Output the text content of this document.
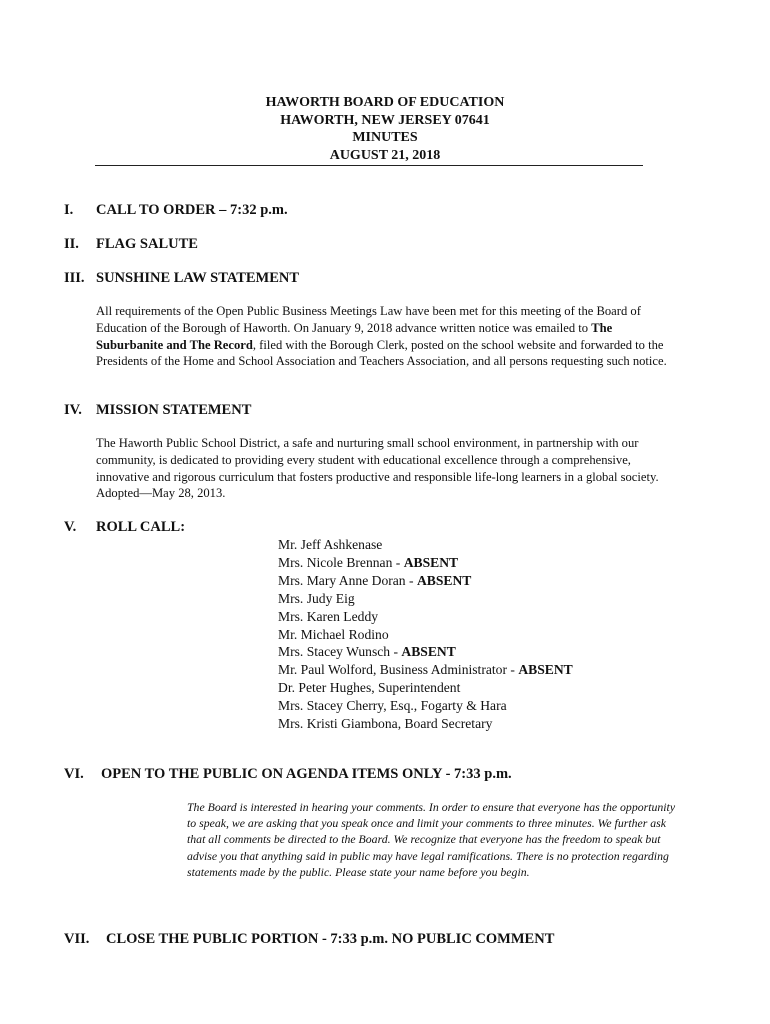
HAWORTH BOARD OF EDUCATION
HAWORTH, NEW JERSEY 07641
MINUTES
AUGUST 21, 2018
I. CALL TO ORDER – 7:32 p.m.
II. FLAG SALUTE
III. SUNSHINE LAW STATEMENT
All requirements of the Open Public Business Meetings Law have been met for this meeting of the Board of Education of the Borough of Haworth. On January 9, 2018 advance written notice was emailed to The Suburbanite and The Record, filed with the Borough Clerk, posted on the school website and forwarded to the Presidents of the Home and School Association and Teachers Association, and all persons requesting such notice.
IV. MISSION STATEMENT
The Haworth Public School District, a safe and nurturing small school environment, in partnership with our community, is dedicated to providing every student with educational excellence through a comprehensive, innovative and rigorous curriculum that fosters productive and responsible life-long learners in a global society. Adopted—May 28, 2013.
V. ROLL CALL:
Mr. Jeff Ashkenase
Mrs. Nicole Brennan - ABSENT
Mrs. Mary Anne Doran - ABSENT
Mrs. Judy Eig
Mrs. Karen Leddy
Mr. Michael Rodino
Mrs. Stacey Wunsch - ABSENT
Mr. Paul Wolford, Business Administrator - ABSENT
Dr. Peter Hughes, Superintendent
Mrs. Stacey Cherry, Esq., Fogarty & Hara
Mrs. Kristi Giambona, Board Secretary
VI. OPEN TO THE PUBLIC ON AGENDA ITEMS ONLY - 7:33 p.m.
The Board is interested in hearing your comments. In order to ensure that everyone has the opportunity to speak, we are asking that you speak once and limit your comments to three minutes. We further ask that all comments be directed to the Board. We recognize that everyone has the freedom to speak but advise you that anything said in public may have legal ramifications. There is no protection regarding statements made by the public. Please state your name before you begin.
VII. CLOSE THE PUBLIC PORTION - 7:33 p.m. NO PUBLIC COMMENT
